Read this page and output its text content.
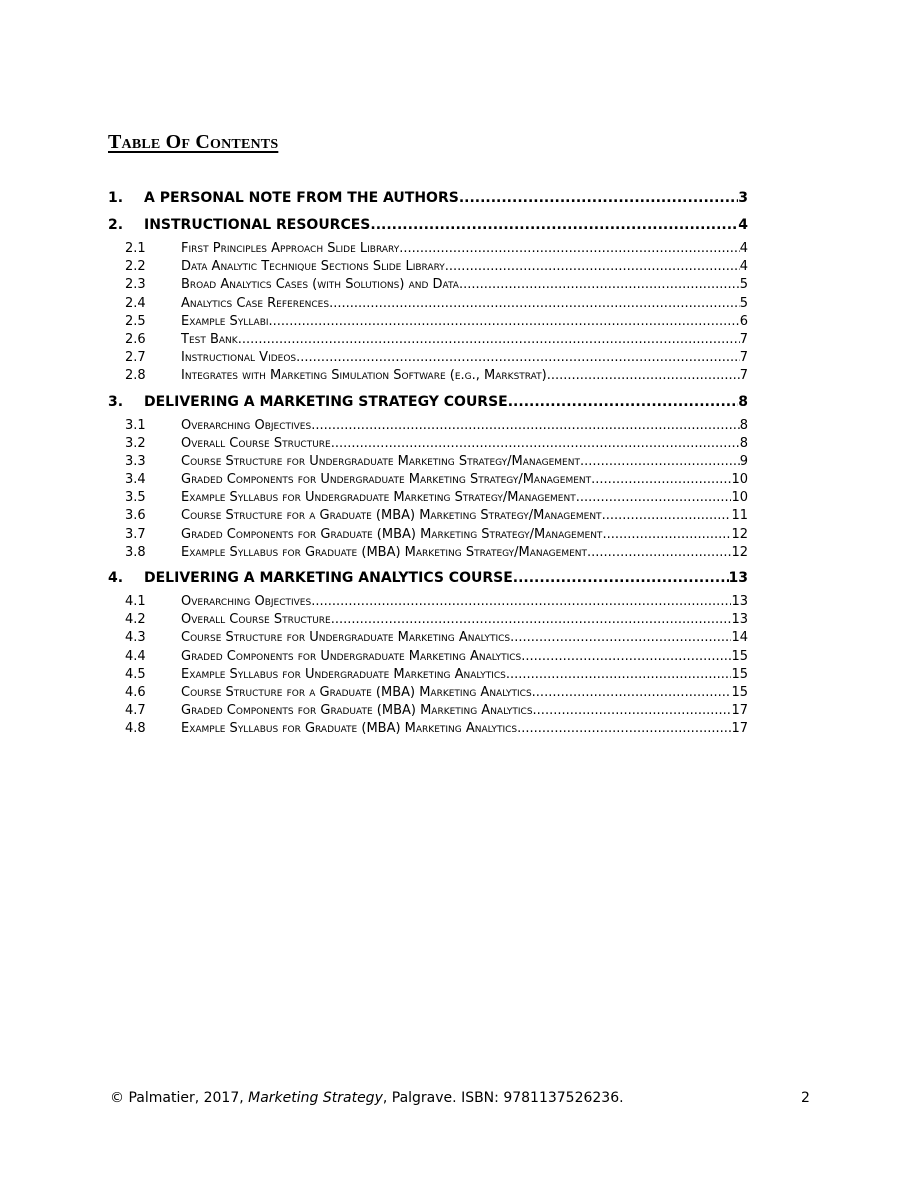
Table Of Contents
1.	A PERSONAL NOTE FROM THE AUTHORS .....	3
2.	INSTRUCTIONAL RESOURCES .....	4
2.1	First Principles Approach Slide Library .....	4
2.2	Data Analytic Technique Sections Slide Library .....	4
2.3	Broad Analytics Cases (with Solutions) and Data .....	5
2.4	Analytics Case References .....	5
2.5	Example Syllabi .....	6
2.6	Test Bank .....	7
2.7	Instructional Videos .....	7
2.8	Integrates with Marketing Simulation Software (e.g., Markstrat) .....	7
3.	DELIVERING A MARKETING STRATEGY COURSE .....	8
3.1	Overarching Objectives .....	8
3.2	Overall Course Structure .....	8
3.3	Course Structure for Undergraduate Marketing Strategy/Management .....	9
3.4	Graded Components for Undergraduate Marketing Strategy/Management .....	10
3.5	Example Syllabus for Undergraduate Marketing Strategy/Management .....	10
3.6	Course Structure for a Graduate (MBA) Marketing Strategy/Management .....	11
3.7	Graded Components for Graduate (MBA) Marketing Strategy/Management .....	12
3.8	Example Syllabus for Graduate (MBA) Marketing Strategy/Management .....	12
4.	DELIVERING A MARKETING ANALYTICS COURSE .....	13
4.1	Overarching Objectives .....	13
4.2	Overall Course Structure .....	13
4.3	Course Structure for Undergraduate Marketing Analytics .....	14
4.4	Graded Components for Undergraduate Marketing Analytics .....	15
4.5	Example Syllabus for Undergraduate Marketing Analytics .....	15
4.6	Course Structure for a Graduate (MBA) Marketing Analytics .....	15
4.7	Graded Components for Graduate (MBA) Marketing Analytics .....	17
4.8	Example Syllabus for Graduate (MBA) Marketing Analytics .....	17
© Palmatier, 2017, Marketing Strategy, Palgrave. ISBN: 9781137526236.	2
